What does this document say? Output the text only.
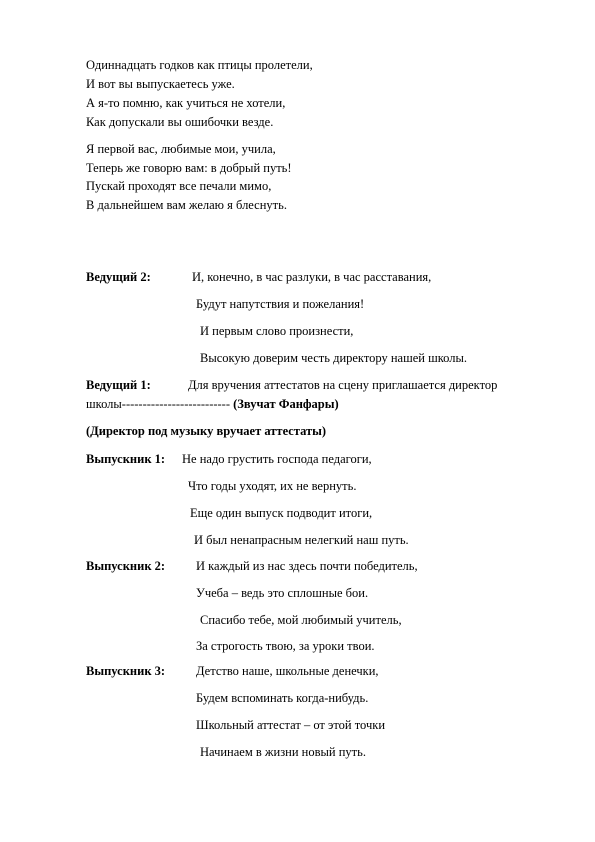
Одиннадцать годков как птицы пролетели,
И вот вы выпускаетесь уже.
А я-то помню, как учиться не хотели,
Как допускали вы ошибочки везде.
Я первой вас, любимые мои, учила,
Теперь же говорю вам: в добрый путь!
Пускай проходят все печали мимо,
В дальнейшем вам желаю я блеснуть.
Ведущий 2:	И, конечно, в час разлуки, в час расставания,
Будут напутствия и пожелания!
И первым слово произнести,
Высокую доверим честь директору нашей школы.
Ведущий 1:	Для вручения аттестатов на сцену приглашается директор
школы-------------------------- (Звучат Фанфары)
(Директор под музыку вручает аттестаты)
Выпускник 1: Не надо грустить господа педагоги,
Что годы уходят, их не вернуть.
Еще один выпуск подводит итоги,
И был ненапрасным нелегкий наш путь.
Выпускник 2: И каждый из нас здесь почти победитель,
Учеба – ведь это сплошные бои.
Спасибо тебе, мой любимый учитель,
За строгость твою, за уроки твои.
Выпускник 3: Детство наше, школьные денечки,
Будем вспоминать когда-нибудь.
Школьный аттестат – от этой точки
Начинаем в жизни новый путь.
